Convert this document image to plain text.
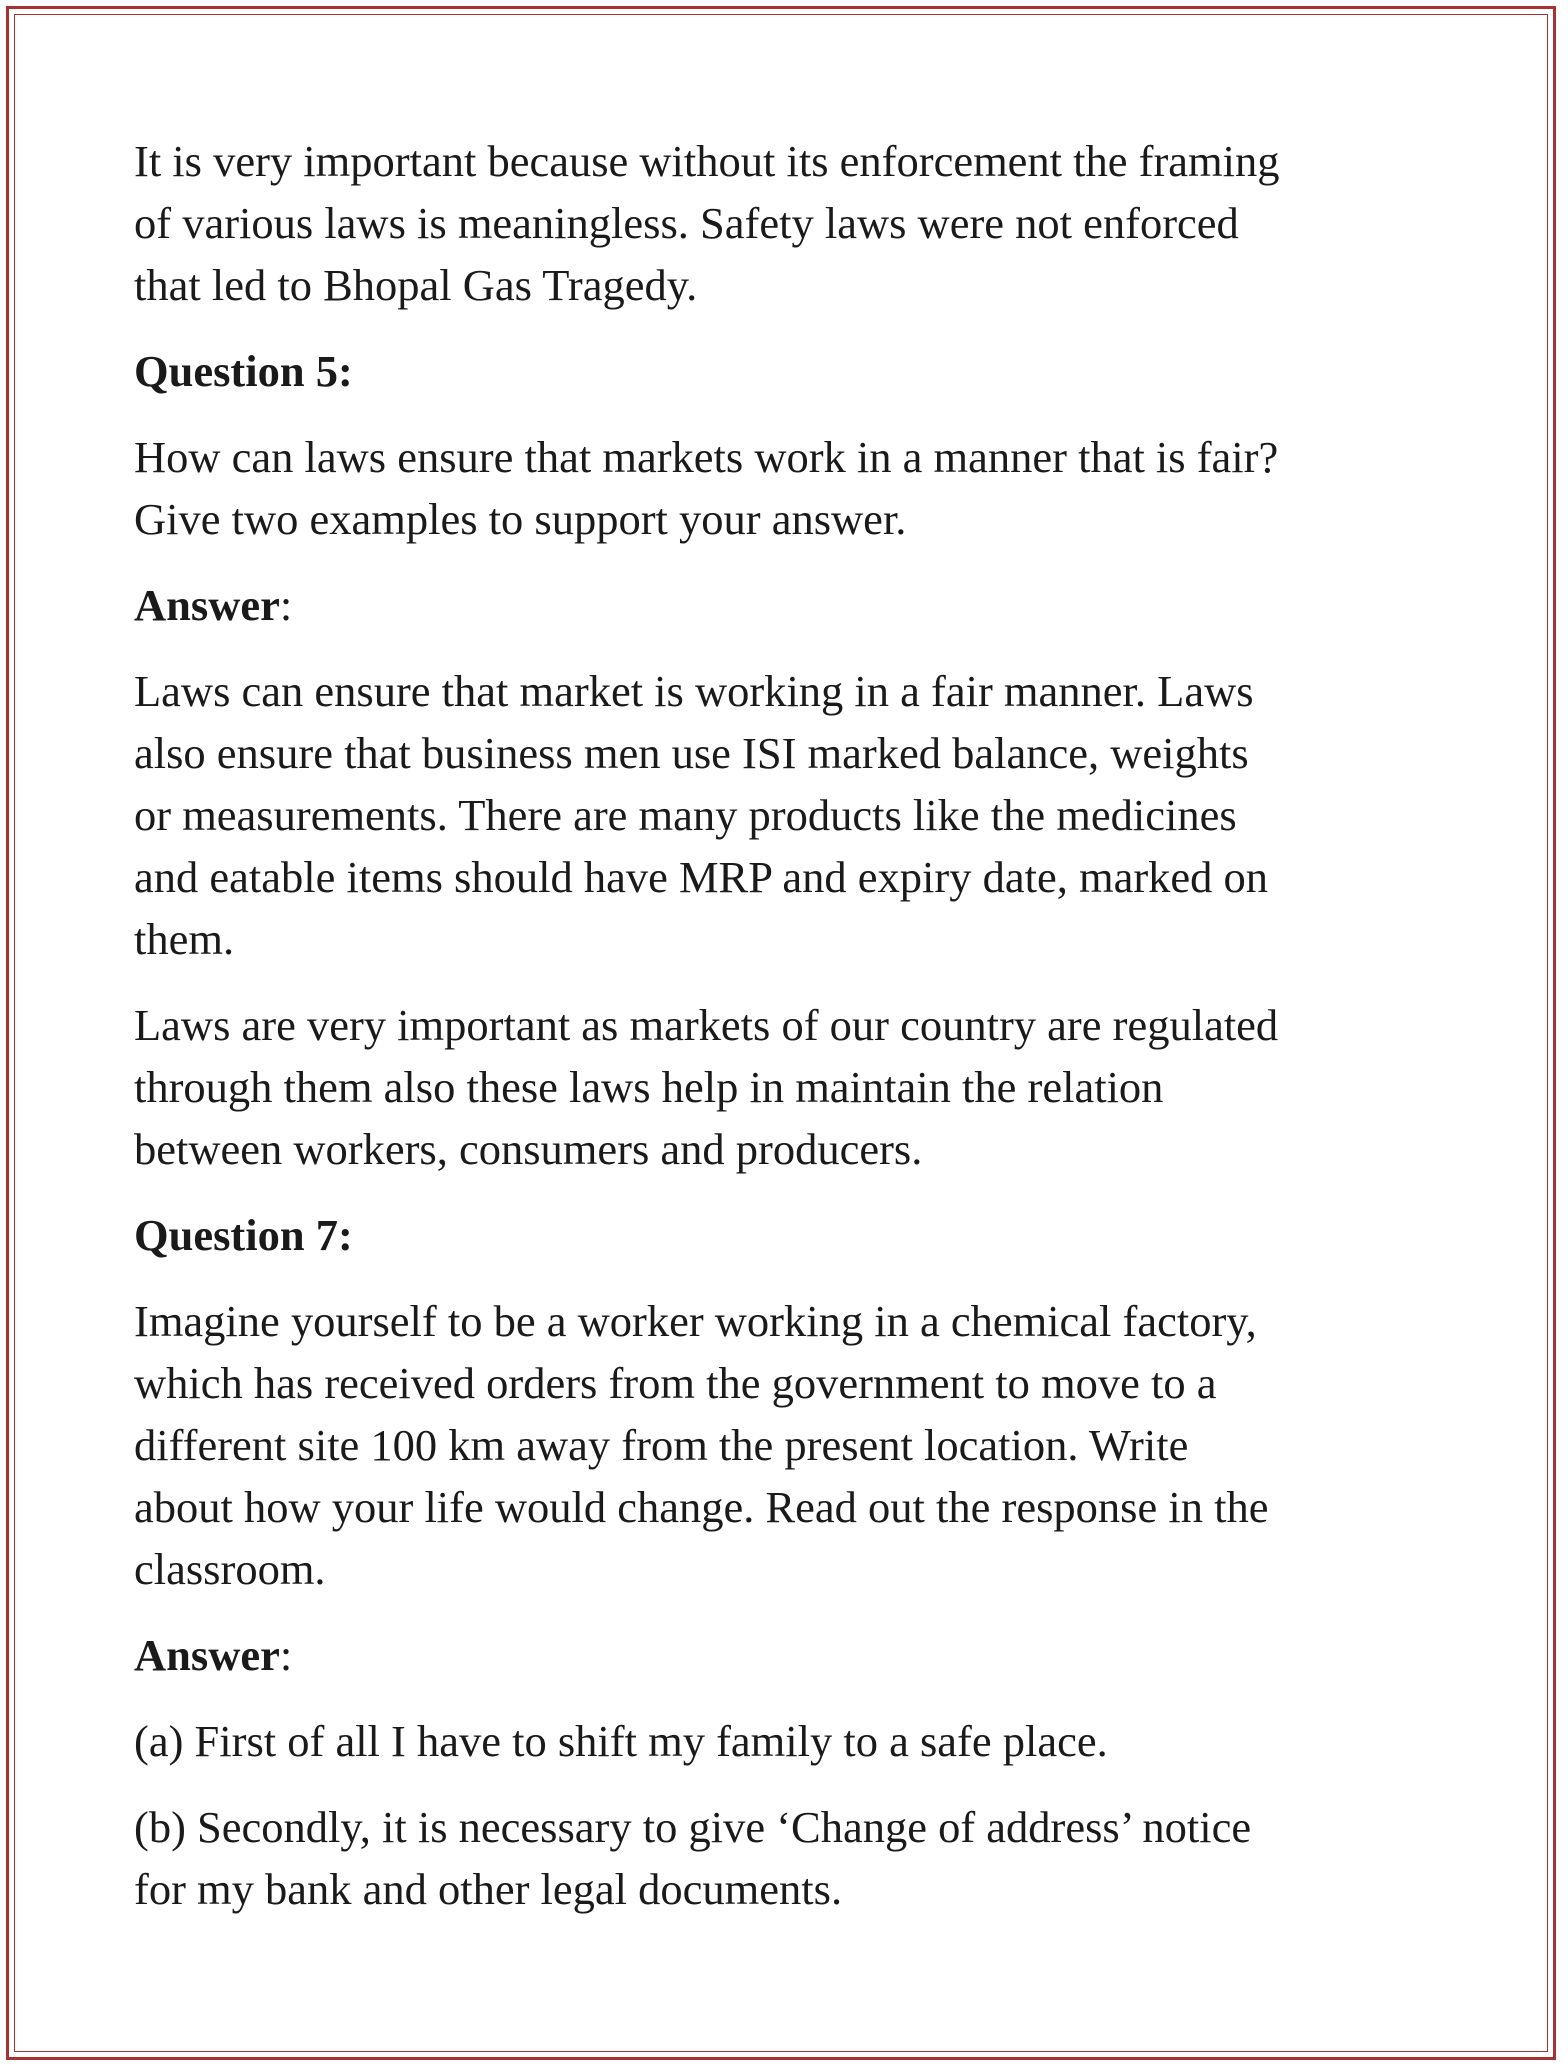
It is very important because without its enforcement the framing
of various laws is meaningless. Safety laws were not enforced
that led to Bhopal Gas Tragedy.

Question 5:

How can laws ensure that markets work in a manner that is fair?
Give two examples to support your answer.

Answer:

Laws can ensure that market is working in a fair manner. Laws
also ensure that business men use ISI marked balance, weights
or measurements. There are many products like the medicines
and eatable items should have MRP and expiry date, marked on
them.

Laws are very important as markets of our country are regulated
through them also these laws help in maintain the relation
between workers, consumers and producers.

Question 7:

Imagine yourself to be a worker working in a chemical factory,
which has received orders from the government to move to a
different site 100 km away from the present location. Write
about how your life would change. Read out the response in the
classroom.

Answer:

(a) First of all I have to shift my family to a safe place.

(b) Secondly, it is necessary to give ‘Change of address’ notice
for my bank and other legal documents.
